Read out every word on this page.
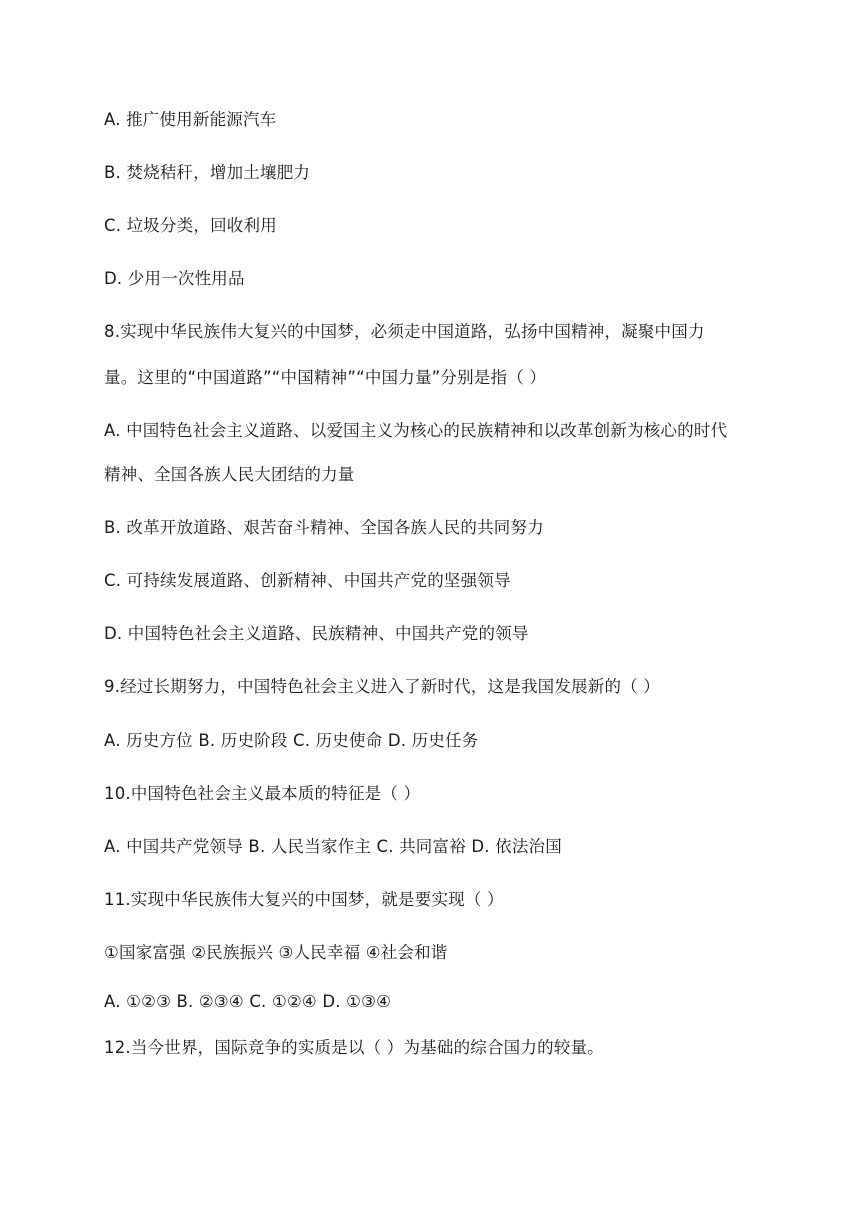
A. 推广使用新能源汽车
B. 焚烧秸秆，增加土壤肥力
C. 垃圾分类，回收利用
D. 少用一次性用品
8.实现中华民族伟大复兴的中国梦，必须走中国道路，弘扬中国精神，凝聚中国力
量。这里的“中国道路”“中国精神”“中国力量”分别是指（ ）
A. 中国特色社会主义道路、以爱国主义为核心的民族精神和以改革创新为核心的时代
精神、全国各族人民大团结的力量
B. 改革开放道路、艰苦奋斗精神、全国各族人民的共同努力
C. 可持续发展道路、创新精神、中国共产党的坚强领导
D. 中国特色社会主义道路、民族精神、中国共产党的领导
9.经过长期努力，中国特色社会主义进入了新时代，这是我国发展新的（ ）
A. 历史方位 B. 历史阶段 C. 历史使命 D. 历史任务
10.中国特色社会主义最本质的特征是（ ）
A. 中国共产党领导 B. 人民当家作主 C. 共同富裕 D. 依法治国
11.实现中华民族伟大复兴的中国梦，就是要实现（ ）
①国家富强 ②民族振兴 ③人民幸福 ④社会和谐
A. ①②③ B. ②③④ C. ①②④ D. ①③④
12.当今世界，国际竞争的实质是以（ ）为基础的综合国力的较量。
